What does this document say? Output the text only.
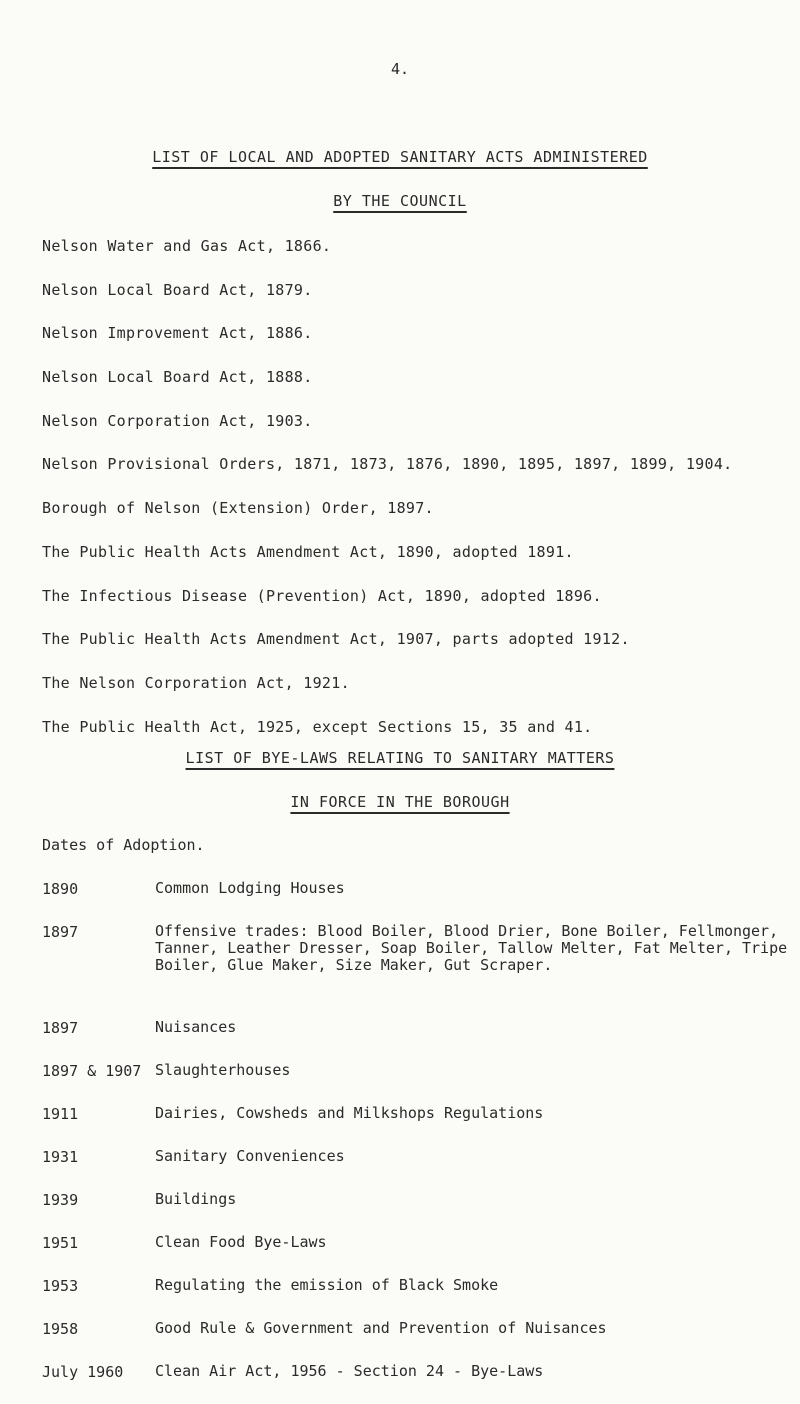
4.
LIST OF LOCAL AND ADOPTED SANITARY ACTS ADMINISTERED
BY THE COUNCIL
Nelson Water and Gas Act, 1866.
Nelson Local Board Act, 1879.
Nelson Improvement Act, 1886.
Nelson Local Board Act, 1888.
Nelson Corporation Act, 1903.
Nelson Provisional Orders, 1871, 1873, 1876, 1890, 1895, 1897, 1899, 1904.
Borough of Nelson (Extension) Order, 1897.
The Public Health Acts Amendment Act, 1890, adopted 1891.
The Infectious Disease (Prevention) Act, 1890, adopted 1896.
The Public Health Acts Amendment Act, 1907, parts adopted 1912.
The Nelson Corporation Act, 1921.
The Public Health Act, 1925, except Sections 15, 35 and 41.
LIST OF BYE-LAWS RELATING TO SANITARY MATTERS
IN FORCE IN THE BOROUGH
Dates of Adoption.
1890	Common Lodging Houses
1897	Offensive trades: Blood Boiler, Blood Drier, Bone Boiler, Fellmonger, Tanner, Leather Dresser, Soap Boiler, Tallow Melter, Fat Melter, Tripe Boiler, Glue Maker, Size Maker, Gut Scraper.
1897	Nuisances
1897 & 1907 Slaughterhouses
1911	Dairies, Cowsheds and Milkshops Regulations
1931	Sanitary Conveniences
1939	Buildings
1951	Clean Food Bye-Laws
1953	Regulating the emission of Black Smoke
1958	Good Rule & Government and Prevention of Nuisances
July 1960	Clean Air Act, 1956 - Section 24 - Bye-Laws
